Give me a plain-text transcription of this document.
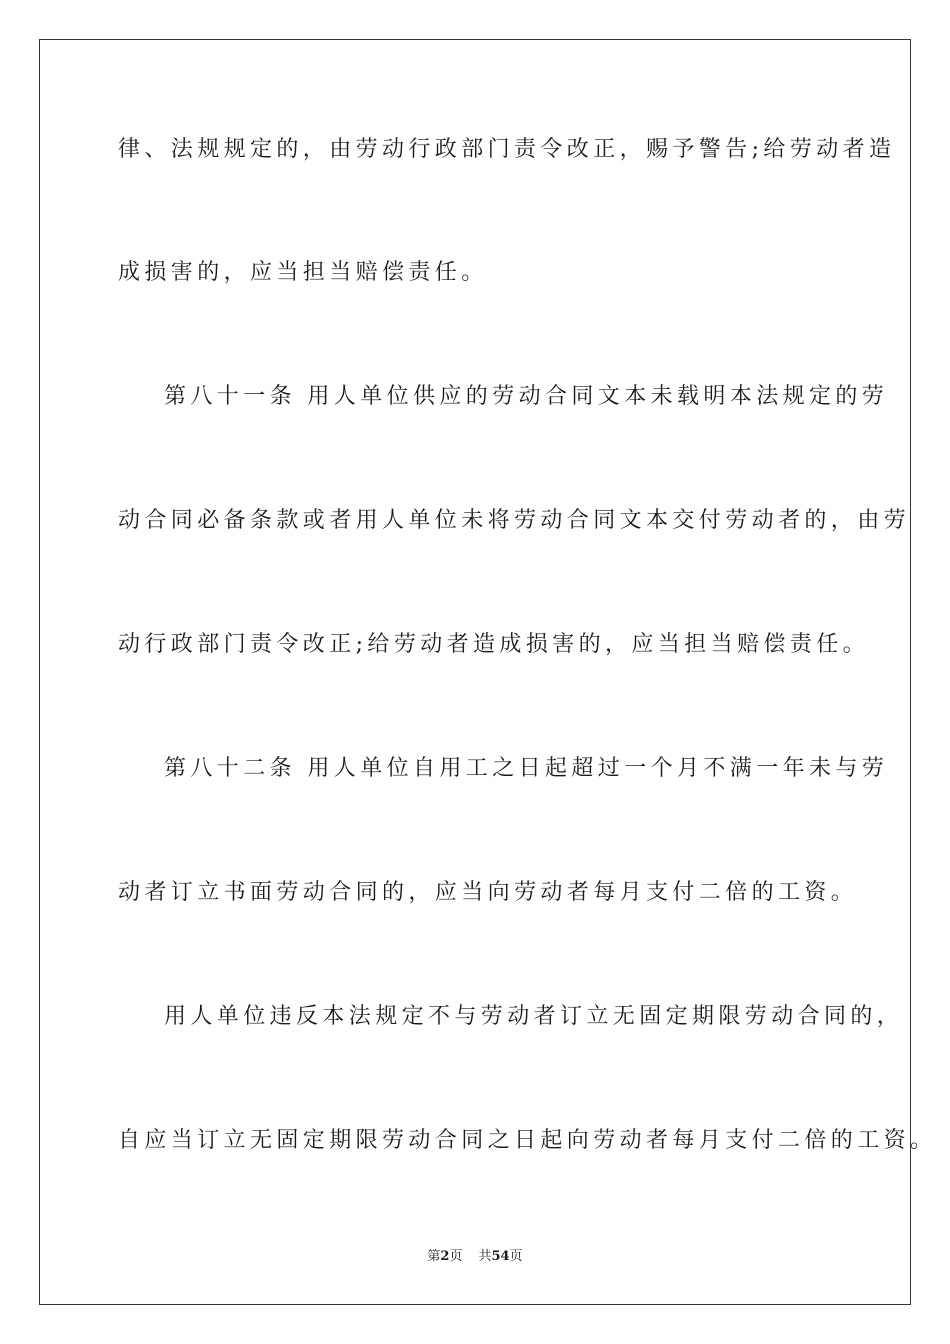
律、法规规定的，由劳动行政部门责令改正，赐予警告;给劳动者造
成损害的，应当担当赔偿责任。
第八十一条 用人单位供应的劳动合同文本未载明本法规定的劳
动合同必备条款或者用人单位未将劳动合同文本交付劳动者的，由劳
动行政部门责令改正;给劳动者造成损害的，应当担当赔偿责任。
第八十二条 用人单位自用工之日起超过一个月不满一年未与劳
动者订立书面劳动合同的，应当向劳动者每月支付二倍的工资。
用人单位违反本法规定不与劳动者订立无固定期限劳动合同的，
自应当订立无固定期限劳动合同之日起向劳动者每月支付二倍的工资。
第2页 共54页
